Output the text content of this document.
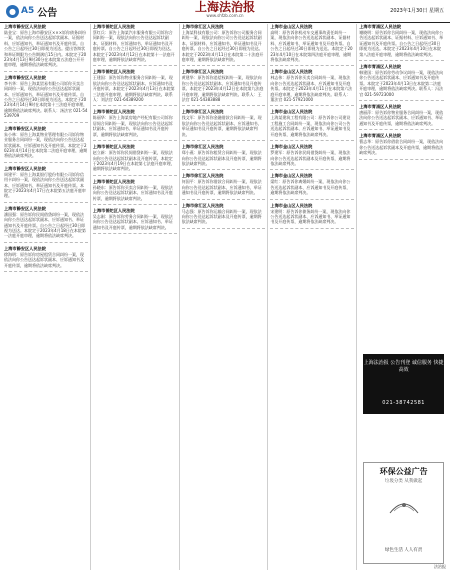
● A5 公告	上海法治报
www.shfzb.com.cn
2023年1月30日 星期五
上海市静安区人民法院
陆金宝：原告上海市静安区×××诉你债务纠纷一案，依法向你公告送达起诉状副本、证据材料、应诉通知书、举证通知书及开庭传票。自公告之日起经过30日即视为送达。提出答辩状和举证期限为公告期满后15日内。本院定于2023年4月13日9时30分在本院第五法庭公开开庭审理，逾期将依法缺席判决。
上海市静安区人民法院
李书华：原告上海某贸易有限公司诉你买卖合同纠纷一案，现依法向你公告送达起诉状副本、应诉通知书、举证通知书及开庭传票。自公告之日起经过30日即视为送达。本院定于2023年4月14日9时在本院第十三法庭开庭审理，逾期将依法缺席判决。联系人：汤法官 021-54539709
上海市静安区人民法院
朱小林：原告上海某物业管理有限公司诉你物业服务合同纠纷一案，现依法向你公告送达起诉状副本、应诉通知书及开庭传票。本院定于2023年4月14日在本院第二法庭开庭审理，逾期将依法缺席判决。
上海市静安区人民法院
周建平：原告上海某银行股份有限公司诉你信用卡纠纷一案，现依法向你公告送达起诉状副本、应诉通知书、举证通知书及开庭传票。本院定于2023年4月17日在本院第五法庭开庭审理。
上海市静安区人民法院
潘国强：原告诉你民间借贷纠纷一案，现依法向你公告送达起诉状副本、应诉通知书、举证通知书及开庭传票。自公告之日起经过30日即视为送达。本院定于2023年4月18日在本院第一法庭开庭审理，逾期将依法缺席判决。
上海市静安区人民法院
徐海明：原告诉你房屋租赁合同纠纷一案，现依法向你公告送达起诉状副本、应诉通知书及开庭传票，逾期将依法缺席判决。
上海市普陀区人民法院
蔡红兵：原告上海某汽车服务有限公司诉你合同纠纷一案，现依法向你公告送达起诉状副本、证据材料、应诉通知书、举证通知书及开庭传票。自公告之日起经过30日即视为送达。本院定于2023年4月12日在本院第十一法庭开庭审理，逾期将依法缺席判决。
上海市普陀区人民法院
王建国：原告诉你物业服务合同纠纷一案，现依法向你公告送达起诉状副本、应诉通知书及开庭传票。本院定于2023年4月13日在本院第三法庭开庭审理，逾期将依法缺席判决。联系人：刘法官 021-64389200
上海市普陀区人民法院
陈丽华：原告上海某房地产经纪有限公司诉你居间合同纠纷一案，现依法向你公告送达起诉状副本、应诉通知书、举证通知书及开庭传票，逾期将依法缺席判决。
上海市普陀区人民法院
赵立新：原告诉你民间借贷纠纷一案，现依法向你公告送达起诉状副本及开庭传票。本院定于2023年4月19日在本院第七法庭开庭审理，逾期将依法缺席判决。
上海市普陀区人民法院
孙晓东：原告诉你买卖合同纠纷一案，现依法向你公告送达起诉状副本、应诉通知书及开庭传票，逾期将依法缺席判决。
上海市普陀区人民法院
吴志刚：原告诉你劳务合同纠纷一案，现依法向你公告送达起诉状副本、应诉通知书、举证通知书及开庭传票，逾期将依法缺席判决。
上海市徐汇区人民法院
上海某科技有限公司：原告诉你公司服务合同纠纷一案，现依法向你公司公告送达起诉状副本、证据材料、应诉通知书、举证通知书及开庭传票。自公告之日起经过30日即视为送达。本院定于2023年4月11日在本院第二十法庭开庭审理，逾期将依法缺席判决。
上海市徐汇区人民法院
黄建华：原告诉你追偿权纠纷一案，现依法向你公告送达起诉状副本、应诉通知书及开庭传票。本院定于2023年4月12日在本院第九法庭开庭审理，逾期将依法缺席判决。联系人：王法官 021-54383888
上海市徐汇区人民法院
钱文军：原告诉你金融借款合同纠纷一案，现依法向你公告送达起诉状副本、应诉通知书、举证通知书及开庭传票，逾期将依法缺席判决。
上海市徐汇区人民法院
郑小燕：原告诉你租赁合同纠纷一案，现依法向你公告送达起诉状副本及开庭传票，逾期将依法缺席判决。
上海市徐汇区人民法院
何国平：原告诉你借款合同纠纷一案，现依法向你公告送达起诉状副本、应诉通知书、举证通知书及开庭传票，逾期将依法缺席判决。
上海市徐汇区人民法院
马志强：原告诉你运输合同纠纷一案，现依法向你公告送达起诉状副本及开庭传票，逾期将依法缺席判决。
上海市金山区人民法院
高明：原告诉你机动车交通事故责任纠纷一案，现依法向你公告送达起诉状副本、证据材料、应诉通知书、举证通知书及开庭传票。自公告之日起经过30日即视为送达。本院定于2023年4月10日在本院第四法庭开庭审理，逾期将依法缺席判决。
上海市金山区人民法院
林志伟：原告诉你买卖合同纠纷一案，现依法向你公告送达起诉状副本、应诉通知书及开庭传票。本院定于2023年4月11日在本院第六法庭开庭审理，逾期将依法缺席判决。联系人：董法官 021-57921000
上海市金山区人民法院
上海某建筑工程有限公司：原告诉你公司建设工程施工合同纠纷一案，现依法向你公司公告送达起诉状副本、应诉通知书、举证通知书及开庭传票，逾期将依法缺席判决。
上海市金山区人民法院
罗建军：原告诉你民间借贷纠纷一案，现依法向你公告送达起诉状副本及开庭传票，逾期将依法缺席判决。
上海市金山区人民法院
梁红：原告诉你离婚纠纷一案，现依法向你公告送达起诉状副本、应诉通知书及开庭传票，逾期将依法缺席判决。
上海市金山区人民法院
宋建明：原告诉你债务纠纷一案，现依法向你公告送达起诉状副本、应诉通知书、举证通知书及开庭传票，逾期将依法缺席判决。
上海市青浦区人民法院
谢晓明：原告诉你合同纠纷一案，现依法向你公告送达起诉状副本、证据材料、应诉通知书、举证通知书及开庭传票。自公告之日起经过30日即视为送达。本院定于2023年4月10日在本院第八法庭开庭审理，逾期将依法缺席判决。
上海市青浦区人民法院
韩建国：原告诉你劳动争议纠纷一案，现依法向你公告送达起诉状副本、应诉通知书及开庭传票。本院定于2023年4月13日在本院第二法庭开庭审理，逾期将依法缺席判决。联系人：冯法官 021-59723000
上海市青浦区人民法院
唐丽萍：原告诉你物业服务合同纠纷一案，现依法向你公告送达起诉状副本、应诉通知书、举证通知书及开庭传票，逾期将依法缺席判决。
上海市青浦区人民法院
曹志华：原告诉你借款合同纠纷一案，现依法向你公告送达起诉状副本及开庭传票，逾期将依法缺席判决。
上海法治报 公告刊登 诚信服务 快捷高效
021-38742581
环保公益广告
垃圾分类 从我做起
绿色生活 人人有责
法治报
